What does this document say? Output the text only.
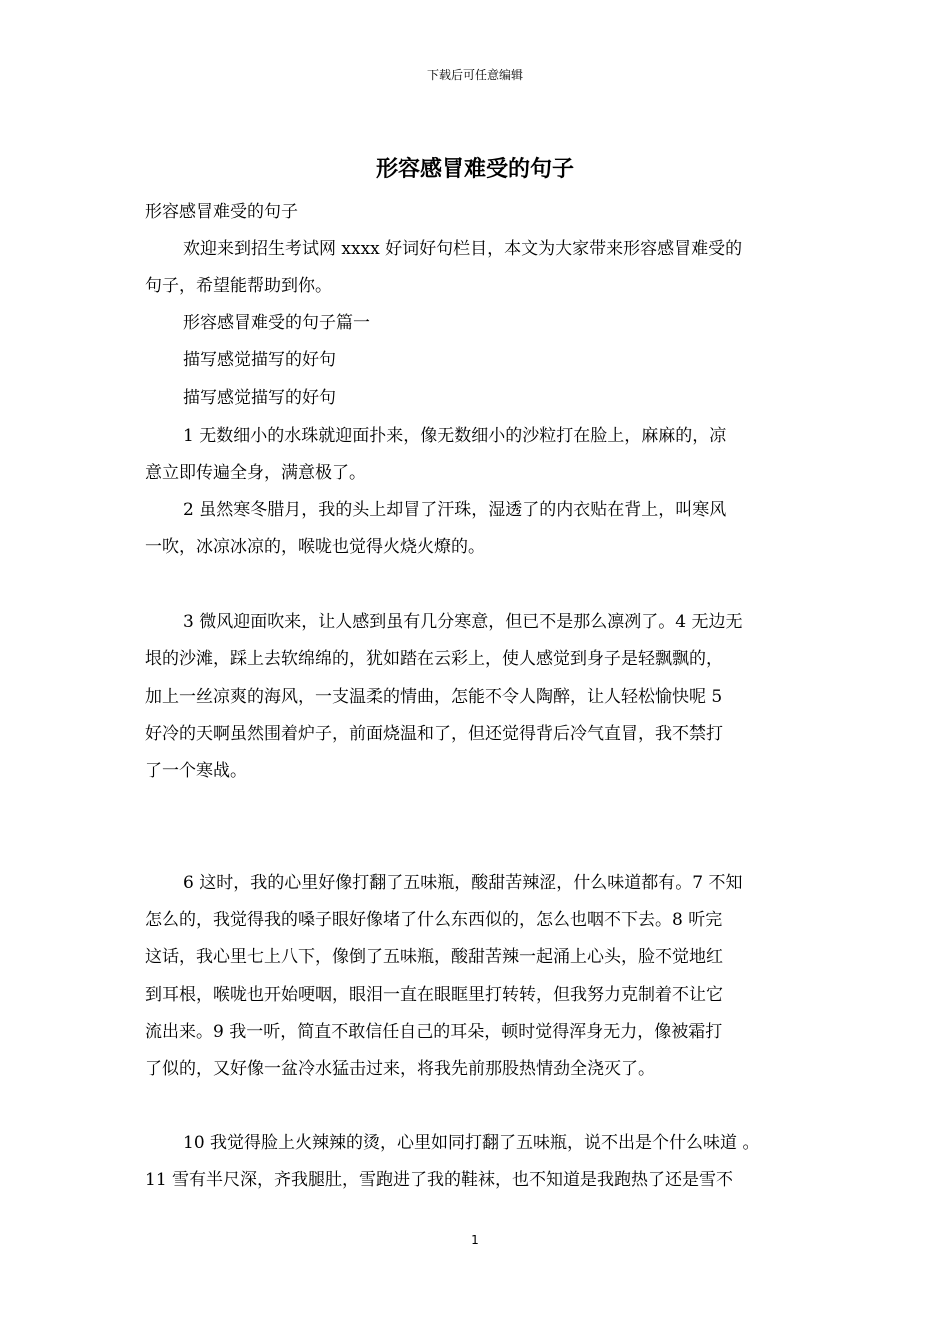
下载后可任意编辑
形容感冒难受的句子
形容感冒难受的句子
欢迎来到招生考试网 xxxx 好词好句栏目，本文为大家带来形容感冒难受的
句子，希望能帮助到你。
形容感冒难受的句子篇一
描写感觉描写的好句
描写感觉描写的好句
1 无数细小的水珠就迎面扑来，像无数细小的沙粒打在脸上，麻麻的，凉
意立即传遍全身，满意极了。
2 虽然寒冬腊月，我的头上却冒了汗珠，湿透了的内衣贴在背上，叫寒风
一吹，冰凉冰凉的，喉咙也觉得火烧火燎的。
3 微风迎面吹来，让人感到虽有几分寒意，但已不是那么凛冽了。4 无边无
垠的沙滩，踩上去软绵绵的，犹如踏在云彩上，使人感觉到身子是轻飘飘的，
加上一丝凉爽的海风，一支温柔的情曲，怎能不令人陶醉，让人轻松愉快呢 5
好冷的天啊虽然围着炉子，前面烧温和了，但还觉得背后冷气直冒，我不禁打
了一个寒战。
6 这时，我的心里好像打翻了五味瓶，酸甜苦辣涩，什么味道都有。7 不知
怎么的，我觉得我的嗓子眼好像堵了什么东西似的，怎么也咽不下去。8 听完
这话，我心里七上八下，像倒了五味瓶，酸甜苦辣一起涌上心头，脸不觉地红
到耳根，喉咙也开始哽咽，眼泪一直在眼眶里打转转，但我努力克制着不让它
流出来。9 我一听，简直不敢信任自己的耳朵，顿时觉得浑身无力，像被霜打
了似的，又好像一盆冷水猛击过来，将我先前那股热情劲全浇灭了。
10 我觉得脸上火辣辣的烫，心里如同打翻了五味瓶，说不出是个什么味道 。
11 雪有半尺深，齐我腿肚，雪跑进了我的鞋袜，也不知道是我跑热了还是雪不
1
